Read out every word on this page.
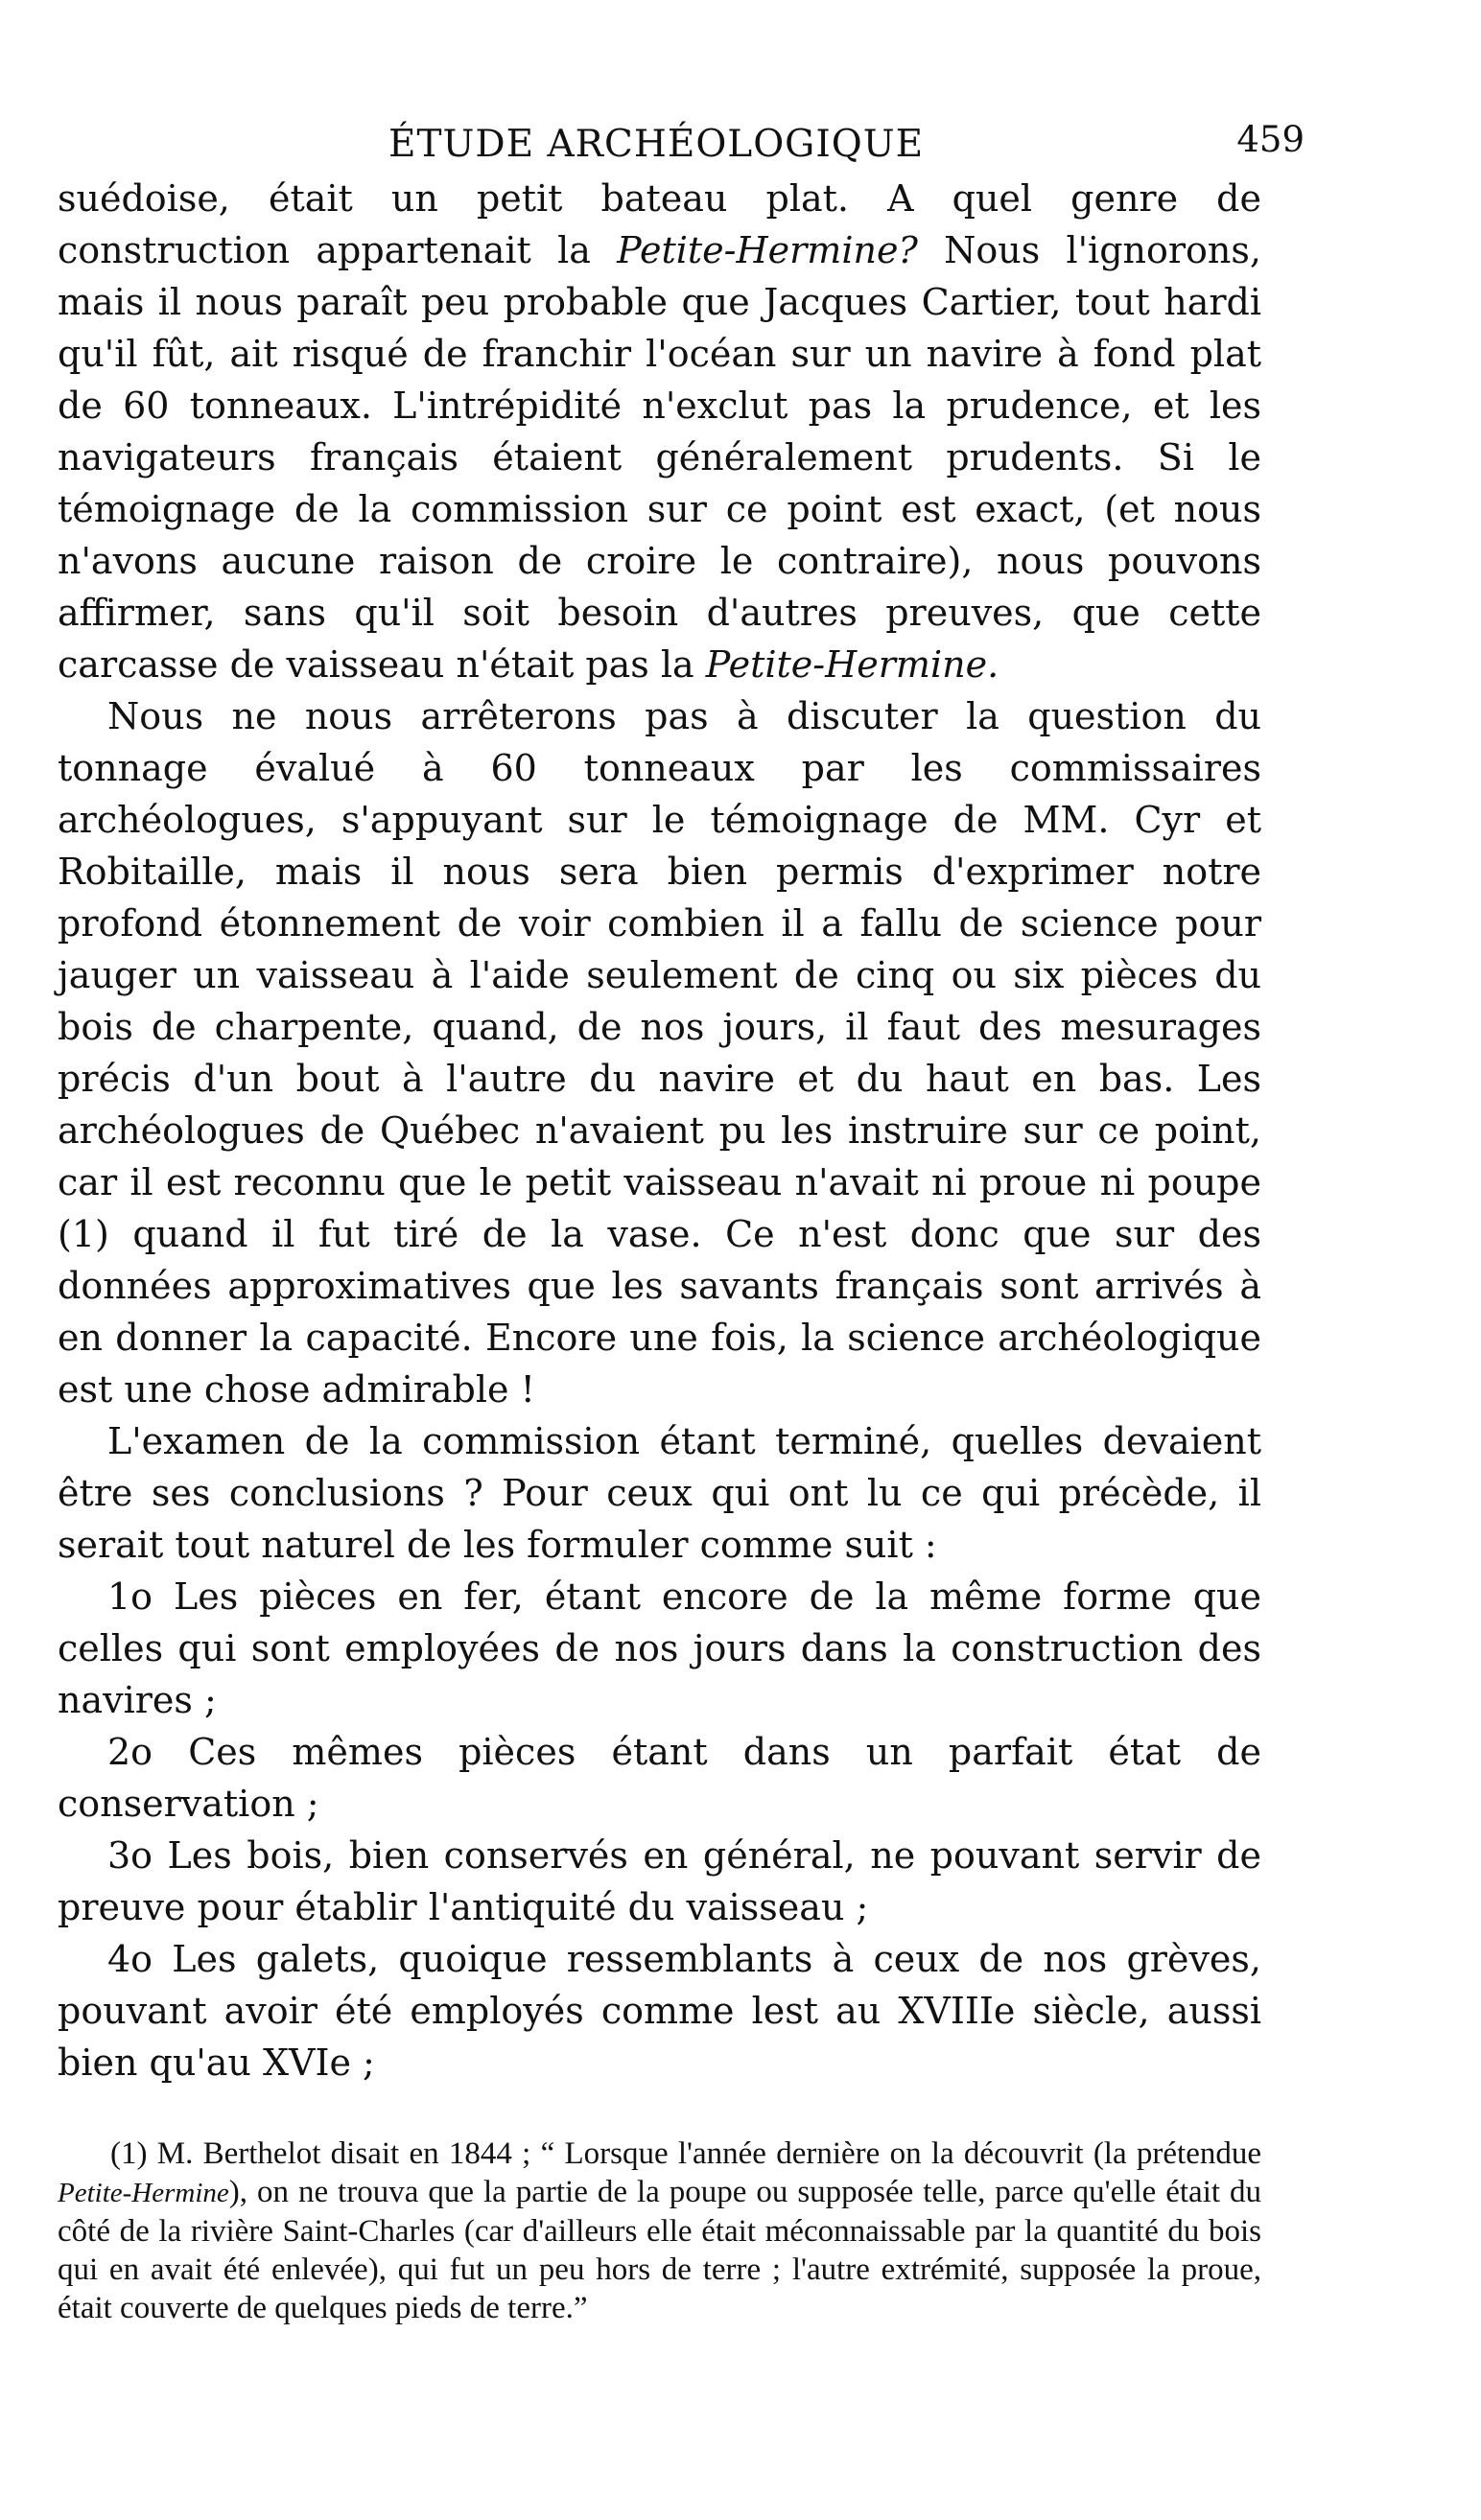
ÉTUDE ARCHÉOLOGIQUE	459

suédoise, était un petit bateau plat. A quel genre de construction appartenait la Petite-Hermine? Nous l'ignorons, mais il nous paraît peu probable que Jacques Cartier, tout hardi qu'il fût, ait risqué de franchir l'océan sur un navire à fond plat de 60 tonneaux. L'intrépidité n'exclut pas la prudence, et les navigateurs français étaient généralement prudents. Si le témoignage de la commission sur ce point est exact, (et nous n'avons aucune raison de croire le contraire), nous pouvons affirmer, sans qu'il soit besoin d'autres preuves, que cette carcasse de vaisseau n'était pas la Petite-Hermine.

Nous ne nous arrêterons pas à discuter la question du tonnage évalué à 60 tonneaux par les commissaires archéologues, s'appuyant sur le témoignage de MM. Cyr et Robitaille, mais il nous sera bien permis d'exprimer notre profond étonnement de voir combien il a fallu de science pour jauger un vaisseau à l'aide seulement de cinq ou six pièces du bois de charpente, quand, de nos jours, il faut des mesurages précis d'un bout à l'autre du navire et du haut en bas. Les archéologues de Québec n'avaient pu les instruire sur ce point, car il est reconnu que le petit vaisseau n'avait ni proue ni poupe (1) quand il fut tiré de la vase. Ce n'est donc que sur des données approximatives que les savants français sont arrivés à en donner la capacité. Encore une fois, la science archéologique est une chose admirable !

L'examen de la commission étant terminé, quelles devaient être ses conclusions ? Pour ceux qui ont lu ce qui précède, il serait tout naturel de les formuler comme suit :

1o Les pièces en fer, étant encore de la même forme que celles qui sont employées de nos jours dans la construction des navires ;

2o Ces mêmes pièces étant dans un parfait état de conservation ;

3o Les bois, bien conservés en général, ne pouvant servir de preuve pour établir l'antiquité du vaisseau ;

4o Les galets, quoique ressemblants à ceux de nos grèves, pouvant avoir été employés comme lest au XVIIIe siècle, aussi bien qu'au XVIe ;

(1) M. Berthelot disait en 1844 ; “ Lorsque l'année dernière on la découvrit (la prétendue Petite-Hermine), on ne trouva que la partie de la poupe ou supposée telle, parce qu'elle était du côté de la rivière Saint-Charles (car d'ailleurs elle était méconnaissable par la quantité du bois qui en avait été enlevée), qui fut un peu hors de terre ; l'autre extrémité, supposée la proue, était couverte de quelques pieds de terre.”
